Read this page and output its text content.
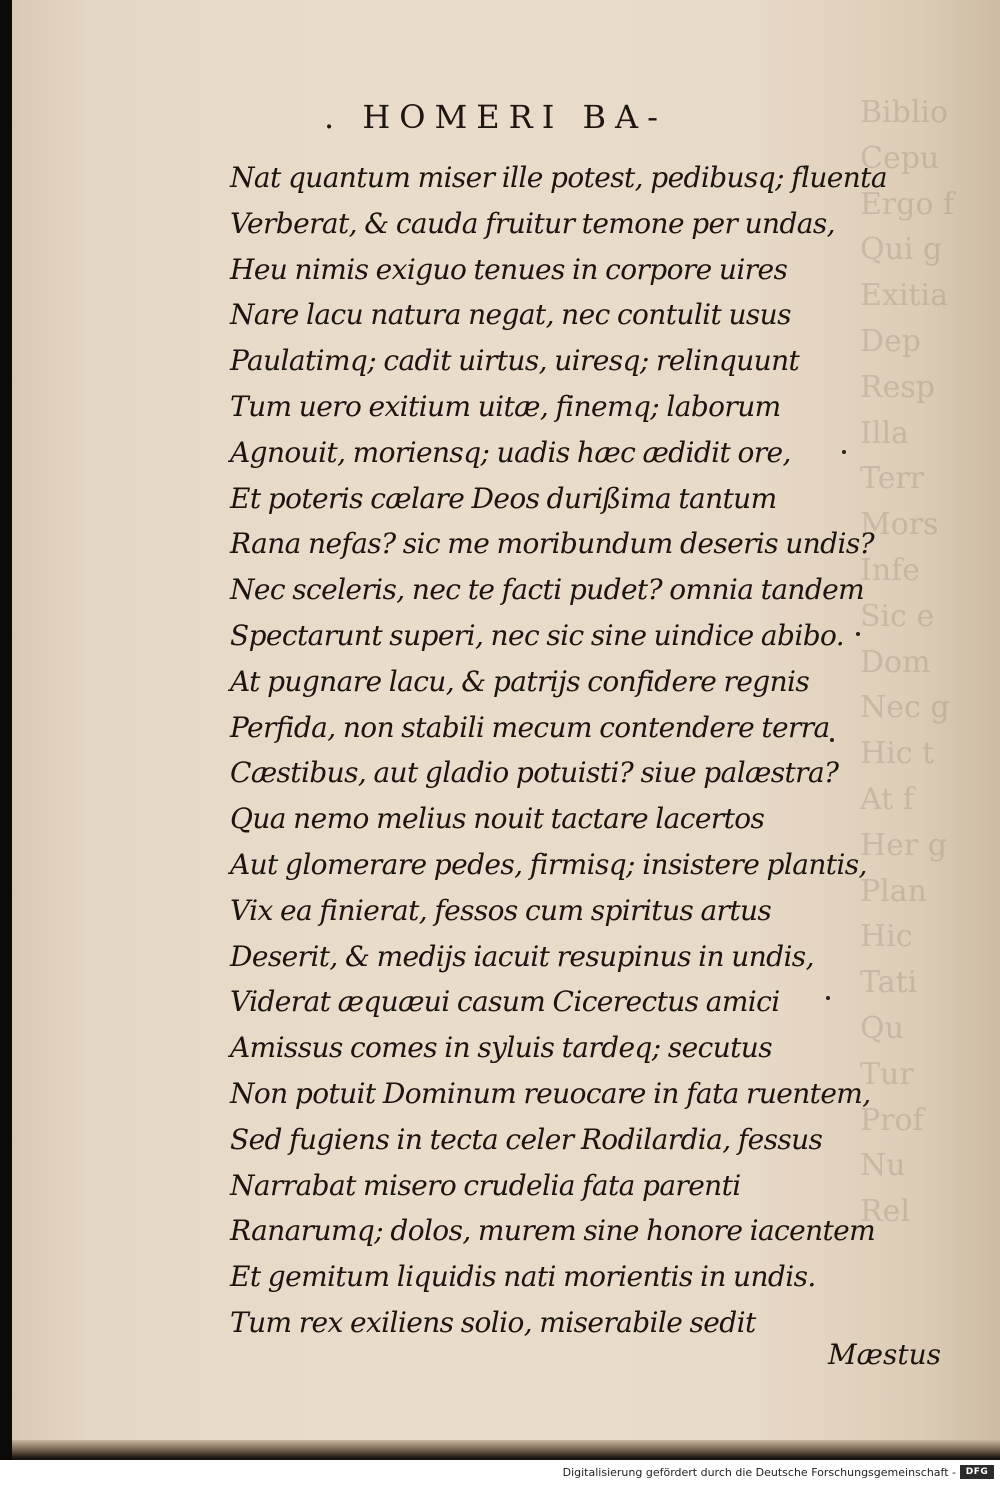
Biblio
Cepu
Ergo f
Qui g
Exitia
Dep
Resp
Illa
Terr
Mors
Infe
Sic e
Dom
Nec g
Hic t
At f
Her g
Plan
Hic
Tati
Qu
Tur
Prof
Nu
Rel
. HOMERI BA-
Nat quantum miser ille potest, pedibusq; fluenta
Verberat, & cauda fruitur temone per undas,
Heu nimis exiguo tenues in corpore uires
Nare lacu natura negat, nec contulit usus
Paulatimq; cadit uirtus, uiresq; relinquunt
Tum uero exitium uitæ, finemq; laborum
Agnouit, moriensq; uadis hæc ædidit ore,
Et poteris cælare Deos durißima tantum
Rana nefas? sic me moribundum deseris undis?
Nec sceleris, nec te facti pudet? omnia tandem
Spectarunt superi, nec sic sine uindice abibo.
At pugnare lacu, & patrijs confidere regnis
Perfida, non stabili mecum contendere terra
Cæstibus, aut gladio potuisti? siue palæstra?
Qua nemo melius nouit tactare lacertos
Aut glomerare pedes, firmisq; insistere plantis,
Vix ea finierat, fessos cum spiritus artus
Deserit, & medijs iacuit resupinus in undis,
Viderat æquæui casum Cicerectus amici
Amissus comes in syluis tardeq; secutus
Non potuit Dominum reuocare in fata ruentem,
Sed fugiens in tecta celer Rodilardia, fessus
Narrabat misero crudelia fata parenti
Ranarumq; dolos, murem sine honore iacentem
Et gemitum liquidis nati morientis in undis.
Tum rex exiliens solio, miserabile sedit
Mæstus
Digitalisierung gefördert durch die Deutsche Forschungsgemeinschaft -	DFG
